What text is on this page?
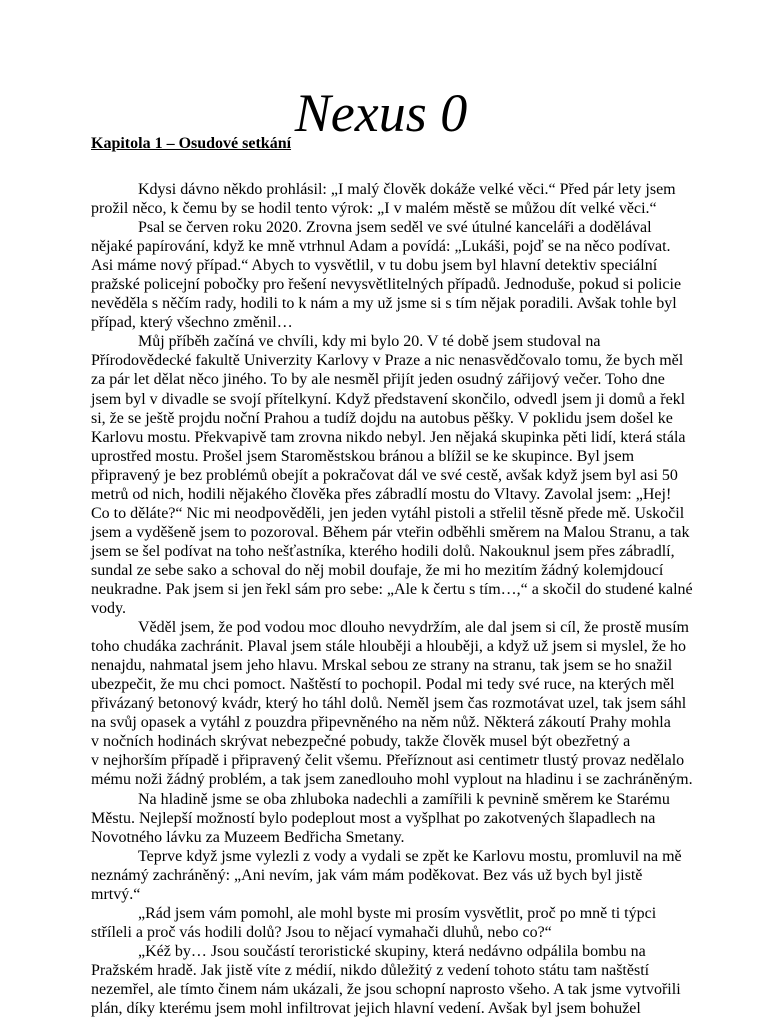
Nexus 0
Kapitola 1 – Osudové setkání
Kdysi dávno někdo prohlásil: „I malý člověk dokáže velké věci.“ Před pár lety jsem
prožil něco, k čemu by se hodil tento výrok: „I v malém městě se můžou dít velké věci.“
Psal se červen roku 2020. Zrovna jsem seděl ve své útulné kanceláři a dodělával
nějaké papírování, když ke mně vtrhnul Adam a povídá: „Lukáši, pojď se na něco podívat.
Asi máme nový případ.“ Abych to vysvětlil, v tu dobu jsem byl hlavní detektiv speciální
pražské policejní pobočky pro řešení nevysvětlitelných případů. Jednoduše, pokud si policie
nevěděla s něčím rady, hodili to k nám a my už jsme si s tím nějak poradili. Avšak tohle byl
případ, který všechno změnil…
Můj příběh začíná ve chvíli, kdy mi bylo 20. V té době jsem studoval na
Přírodovědecké fakultě Univerzity Karlovy v Praze a nic nenasvědčovalo tomu, že bych měl
za pár let dělat něco jiného. To by ale nesměl přijít jeden osudný zářijový večer. Toho dne
jsem byl v divadle se svojí přítelkyní. Když představení skončilo, odvedl jsem ji domů a řekl
si, že se ještě projdu noční Prahou a tudíž dojdu na autobus pěšky. V poklidu jsem došel ke
Karlovu mostu. Překvapivě tam zrovna nikdo nebyl. Jen nějaká skupinka pěti lidí, která stála
uprostřed mostu. Prošel jsem Staroměstskou bránou a blížil se ke skupince. Byl jsem
připravený je bez problémů obejít a pokračovat dál ve své cestě, avšak když jsem byl asi 50
metrů od nich, hodili nějakého člověka přes zábradlí mostu do Vltavy. Zavolal jsem: „Hej!
Co to děláte?“ Nic mi neodpověděli, jen jeden vytáhl pistoli a střelil těsně přede mě. Uskočil
jsem a vyděšeně jsem to pozoroval. Během pár vteřin odběhli směrem na Malou Stranu, a tak
jsem se šel podívat na toho nešťastníka, kterého hodili dolů. Nakouknul jsem přes zábradlí,
sundal ze sebe sako a schoval do něj mobil doufaje, že mi ho mezitím žádný kolemjdoucí
neukradne. Pak jsem si jen řekl sám pro sebe: „Ale k čertu s tím…,“ a skočil do studené kalné
vody.
Věděl jsem, že pod vodou moc dlouho nevydržím, ale dal jsem si cíl, že prostě musím
toho chudáka zachránit. Plaval jsem stále hlouběji a hlouběji, a když už jsem si myslel, že ho
nenajdu, nahmatal jsem jeho hlavu. Mrskal sebou ze strany na stranu, tak jsem se ho snažil
ubezpečit, že mu chci pomoct. Naštěstí to pochopil. Podal mi tedy své ruce, na kterých měl
přivázaný betonový kvádr, který ho táhl dolů. Neměl jsem čas rozmotávat uzel, tak jsem sáhl
na svůj opasek a vytáhl z pouzdra připevněného na něm nůž. Některá zákoutí Prahy mohla
v nočních hodinách skrývat nebezpečné pobudy, takže člověk musel být obezřetný a
v nejhorším případě i připravený čelit všemu. Přeříznout asi centimetr tlustý provaz nedělalo
mému noži žádný problém, a tak jsem zanedlouho mohl vyplout na hladinu i se zachráněným.
Na hladině jsme se oba zhluboka nadechli a zamířili k pevnině směrem ke Starému
Městu. Nejlepší možností bylo podeplout most a vyšplhat po zakotvených šlapadlech na
Novotného lávku za Muzeem Bedřicha Smetany.
Teprve když jsme vylezli z vody a vydali se zpět ke Karlovu mostu, promluvil na mě
neznámý zachráněný: „Ani nevím, jak vám mám poděkovat. Bez vás už bych byl jistě
mrtvý.“
„Rád jsem vám pomohl, ale mohl byste mi prosím vysvětlit, proč po mně ti týpci
stříleli a proč vás hodili dolů? Jsou to nějací vymahači dluhů, nebo co?“
„Kéž by… Jsou součástí teroristické skupiny, která nedávno odpálila bombu na
Pražském hradě. Jak jistě víte z médií, nikdo důležitý z vedení tohoto státu tam naštěstí
nezemřel, ale tímto činem nám ukázali, že jsou schopní naprosto všeho. A tak jsme vytvořili
plán, díky kterému jsem mohl infiltrovat jejich hlavní vedení. Avšak byl jsem bohužel
